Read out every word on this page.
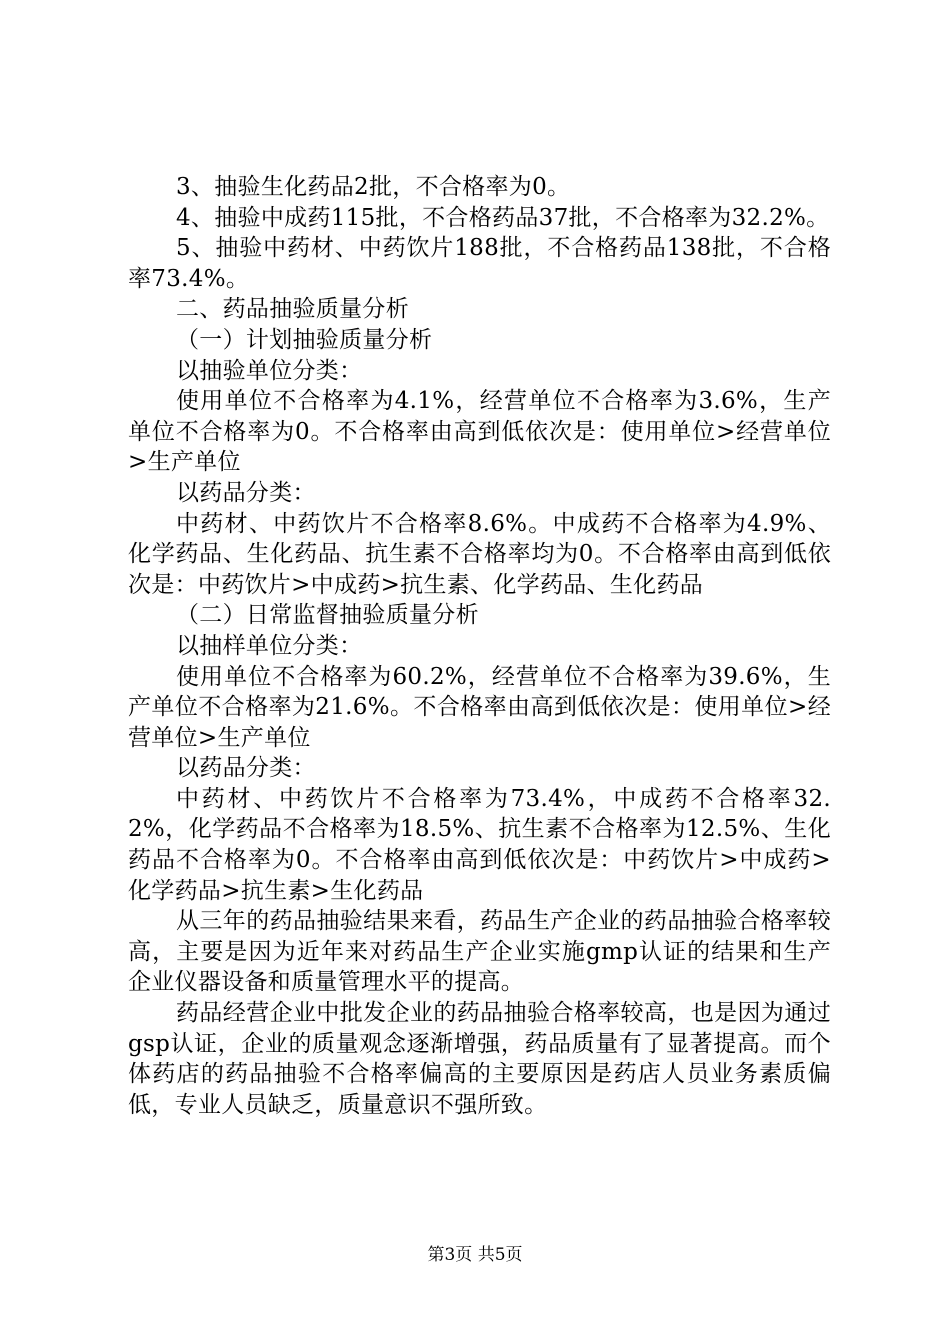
3、抽验生化药品2批，不合格率为0。

4、抽验中成药115批，不合格药品37批，不合格率为32.2%。

5、抽验中药材、中药饮片188批，不合格药品138批，不合格率73.4%。

二、药品抽验质量分析

（一）计划抽验质量分析

以抽验单位分类：

使用单位不合格率为4.1%，经营单位不合格率为3.6%，生产单位不合格率为0。不合格率由高到低依次是：使用单位>经营单位>生产单位

以药品分类：

中药材、中药饮片不合格率8.6%。中成药不合格率为4.9%、化学药品、生化药品、抗生素不合格率均为0。不合格率由高到低依次是：中药饮片>中成药>抗生素、化学药品、生化药品

（二）日常监督抽验质量分析

以抽样单位分类：

使用单位不合格率为60.2%，经营单位不合格率为39.6%，生产单位不合格率为21.6%。不合格率由高到低依次是：使用单位>经营单位>生产单位

以药品分类：

中药材、中药饮片不合格率为73.4%，中成药不合格率32.2%，化学药品不合格率为18.5%、抗生素不合格率为12.5%、生化药品不合格率为0。不合格率由高到低依次是：中药饮片>中成药>化学药品>抗生素>生化药品

从三年的药品抽验结果来看，药品生产企业的药品抽验合格率较高，主要是因为近年来对药品生产企业实施gmp认证的结果和生产企业仪器设备和质量管理水平的提高。

药品经营企业中批发企业的药品抽验合格率较高，也是因为通过gsp认证，企业的质量观念逐渐增强，药品质量有了显著提高。而个体药店的药品抽验不合格率偏高的主要原因是药店人员业务素质偏低，专业人员缺乏，质量意识不强所致。

第3页 共5页
